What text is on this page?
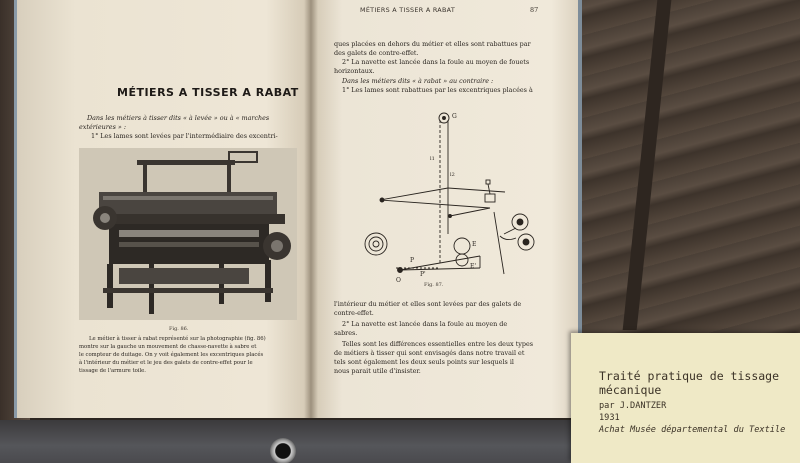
MÉTIERS A TISSER A RABAT
Dans les métiers à tisser dits « à levée » ou à « marches
extérieures » :
1° Les lames sont levées par l'intermédiaire des excentri-
Fig. 86.
Le métier à tisser à rabat représenté sur la photographie (fig. 86)
montre sur la gauche un mouvement de chasse-navette à sabre et
le compteur de duitage. On y voit également les excentriques placés
à l'intérieur du métier et le jeu des galets de contre-effet pour le
tissage de l'armure toile.
MÉTIERS A TISSER A RABAT	87
ques placées en dehors du métier et elles sont rabattues par
des galets de contre-effet.
2° La navette est lancée dans la foule au moyen de fouets
horizontaux.
Dans les métiers dits « à rabat » au contraire :
1° Les lames sont rabattues par les excentriques placées à
G
l1
l2
E
E'
P
P'
O
Fig. 87.
l'intérieur du métier et elles sont levées par des galets de
contre-effet.
2° La navette est lancée dans la foule au moyen de
sabres.
Telles sont les différences essentielles entre les deux types
de métiers à tisser qui sont envisagés dans notre travail et
tels sont également les deux seuls points sur lesquels il
nous parait utile d'insister.	Traité pratique de tissage
mécanique
par J.DANTZER
1931
Achat Musée départemental du Textile
